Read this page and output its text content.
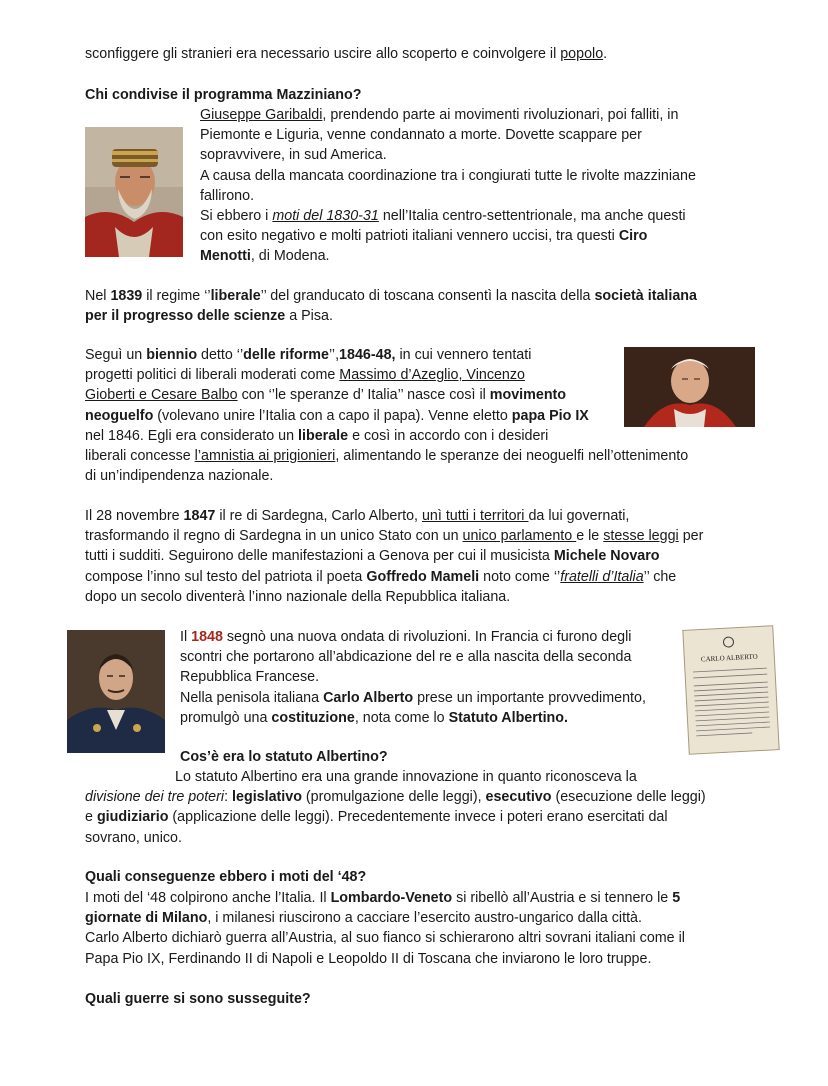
sconfiggere gli stranieri era necessario uscire allo scoperto e coinvolgere il popolo.

Chi condivise il programma Mazziniano?

Giuseppe Garibaldi, prendendo parte ai movimenti rivoluzionari, poi falliti, in
Piemonte e Liguria, venne condannato a morte. Dovette scappare per
sopravvivere, in sud America.
A causa della mancata coordinazione tra i congiurati tutte le rivolte mazziniane
fallirono.
Si ebbero i moti del 1830-31 nell’Italia centro-settentrionale, ma anche questi
con esito negativo e molti patrioti italiani vennero uccisi, tra questi Ciro
Menotti, di Modena.
Nel 1839 il regime ‘’liberale’’ del granducato di toscana consentì la nascita della società italiana
per il progresso delle scienze a Pisa.
Seguì un biennio detto ‘’delle riforme’’,1846-48, in cui vennero tentati
progetti politici di liberali moderati come Massimo d’Azeglio, Vincenzo
Gioberti e Cesare Balbo con ‘’le speranze d’ Italia’’ nasce così il movimento
neoguelfo (volevano unire l’Italia con a capo il papa). Venne eletto papa Pio IX
nel 1846. Egli era considerato un liberale e così in accordo con i desideri
liberali concesse l’amnistia ai prigionieri, alimentando le speranze dei neoguelfi nell’ottenimento
di un’indipendenza nazionale.
Il 28 novembre 1847 il re di Sardegna, Carlo Alberto, unì tutti i territori da lui governati,
trasformando il regno di Sardegna in un unico Stato con un unico parlamento e le stesse leggi per
tutti i sudditi. Seguirono delle manifestazioni a Genova per cui il musicista Michele Novaro
compose l’inno sul testo del patriota il poeta Goffredo Mameli noto come ‘’fratelli d’Italia’’ che
dopo un secolo diventerà l’inno nazionale della Repubblica italiana.
Il 1848 segnò una nuova ondata di rivoluzioni. In Francia ci furono degli
scontri che portarono all’abdicazione del re e alla nascita della seconda
Repubblica Francese.
Nella penisola italiana Carlo Alberto prese un importante provvedimento,
promulgò una costituzione, nota come lo Statuto Albertino.
CARLO ALBERTO

Cos’è era lo statuto Albertino?

Lo statuto Albertino era una grande innovazione in quanto riconosceva la
divisione dei tre poteri: legislativo (promulgazione delle leggi), esecutivo (esecuzione delle leggi)
e giudiziario (applicazione delle leggi). Precedentemente invece i poteri erano esercitati dal
sovrano, unico.

Quali conseguenze ebbero i moti del ‘48?

I moti del ‘48 colpirono anche l’Italia. Il Lombardo-Veneto si ribellò all’Austria e si tennero le 5
giornate di Milano, i milanesi riuscirono a cacciare l’esercito austro-ungarico dalla città.
Carlo Alberto dichiarò guerra all’Austria, al suo fianco si schierarono altri sovrani italiani come il
Papa Pio IX, Ferdinando II di Napoli e Leopoldo II di Toscana che inviarono le loro truppe.

Quali guerre si sono susseguite?
